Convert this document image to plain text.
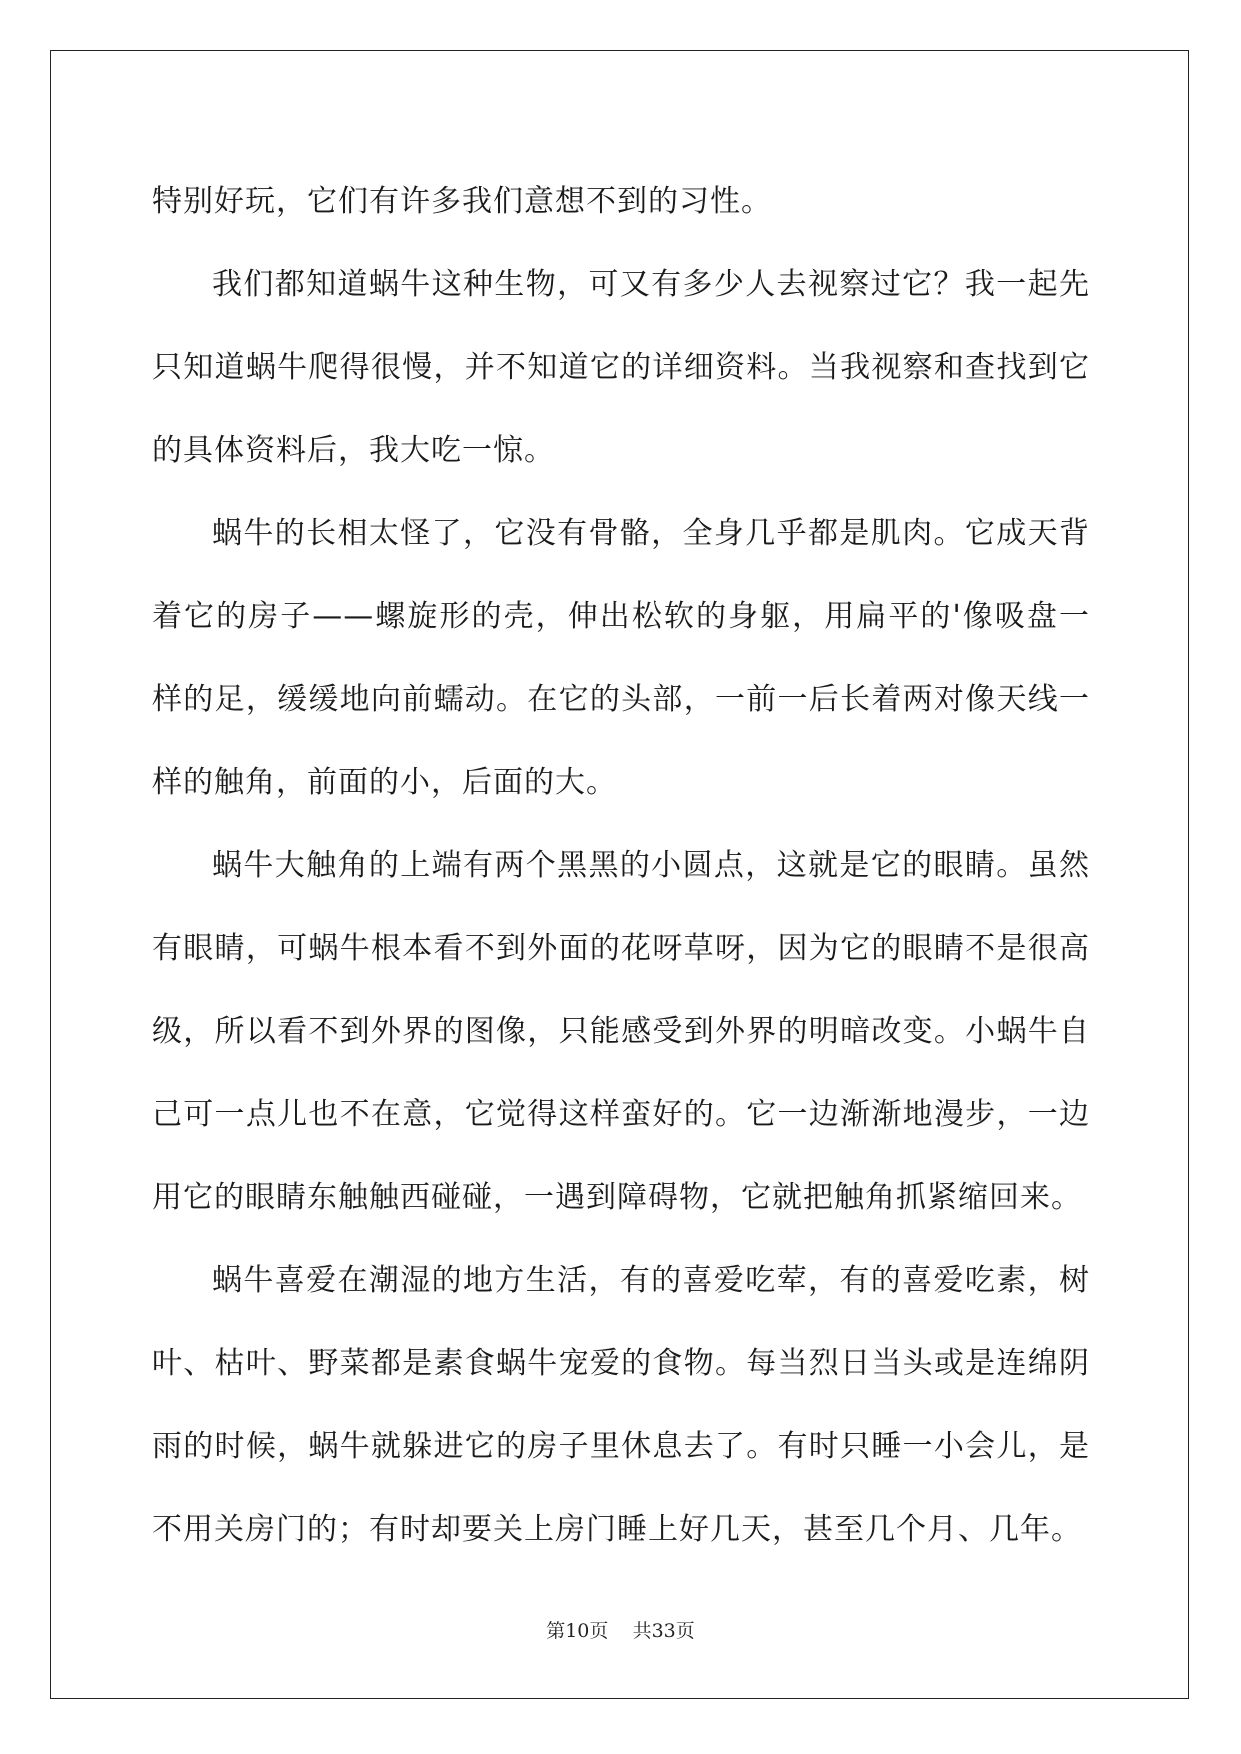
特别好玩，它们有许多我们意想不到的习性。

我们都知道蜗牛这种生物，可又有多少人去视察过它？我一起先只知道蜗牛爬得很慢，并不知道它的详细资料。当我视察和查找到它的具体资料后，我大吃一惊。

蜗牛的长相太怪了，它没有骨骼，全身几乎都是肌肉。它成天背着它的房子——螺旋形的壳，伸出松软的身躯，用扁平的'像吸盘一样的足，缓缓地向前蠕动。在它的头部，一前一后长着两对像天线一样的触角，前面的小，后面的大。

蜗牛大触角的上端有两个黑黑的小圆点，这就是它的眼睛。虽然有眼睛，可蜗牛根本看不到外面的花呀草呀，因为它的眼睛不是很高级，所以看不到外界的图像，只能感受到外界的明暗改变。小蜗牛自己可一点儿也不在意，它觉得这样蛮好的。它一边渐渐地漫步，一边用它的眼睛东触触西碰碰，一遇到障碍物，它就把触角抓紧缩回来。

蜗牛喜爱在潮湿的地方生活，有的喜爱吃荤，有的喜爱吃素，树叶、枯叶、野菜都是素食蜗牛宠爱的食物。每当烈日当头或是连绵阴雨的时候，蜗牛就躲进它的房子里休息去了。有时只睡一小会儿，是不用关房门的；有时却要关上房门睡上好几天，甚至几个月、几年。

第10页 共33页
